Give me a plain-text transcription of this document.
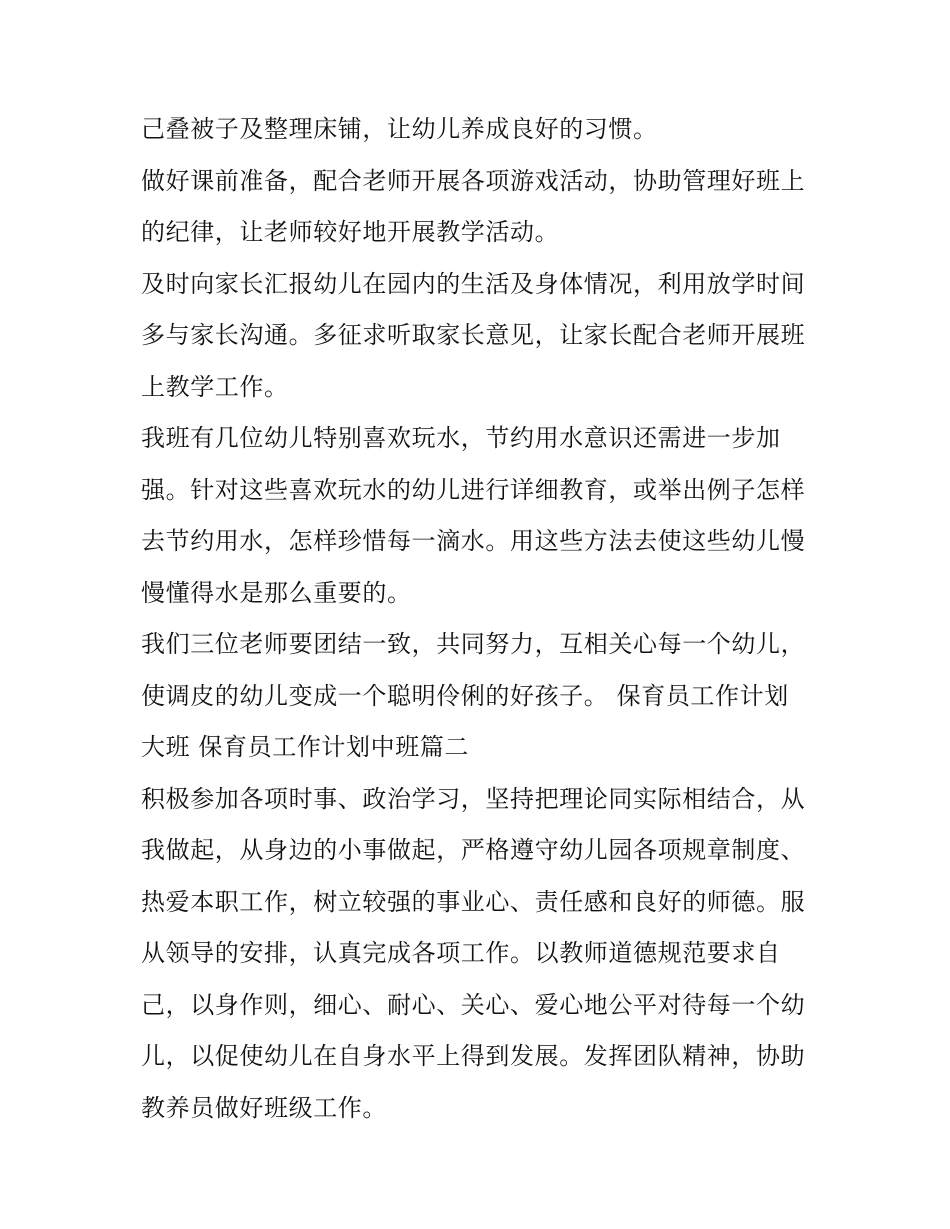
己叠被子及整理床铺，让幼儿养成良好的习惯。
做好课前准备，配合老师开展各项游戏活动，协助管理好班上
的纪律，让老师较好地开展教学活动。
及时向家长汇报幼儿在园内的生活及身体情况，利用放学时间
多与家长沟通。多征求听取家长意见，让家长配合老师开展班
上教学工作。
我班有几位幼儿特别喜欢玩水，节约用水意识还需进一步加
强。针对这些喜欢玩水的幼儿进行详细教育，或举出例子怎样
去节约用水，怎样珍惜每一滴水。用这些方法去使这些幼儿慢
慢懂得水是那么重要的。
我们三位老师要团结一致，共同努力，互相关心每一个幼儿，
使调皮的幼儿变成一个聪明伶俐的好孩子。 保育员工作计划
大班 保育员工作计划中班篇二
积极参加各项时事、政治学习，坚持把理论同实际相结合，从
我做起，从身边的小事做起，严格遵守幼儿园各项规章制度、
热爱本职工作，树立较强的事业心、责任感和良好的师德。服
从领导的安排，认真完成各项工作。以教师道德规范要求自
己，以身作则，细心、耐心、关心、爱心地公平对待每一个幼
儿，以促使幼儿在自身水平上得到发展。发挥团队精神，协助
教养员做好班级工作。
